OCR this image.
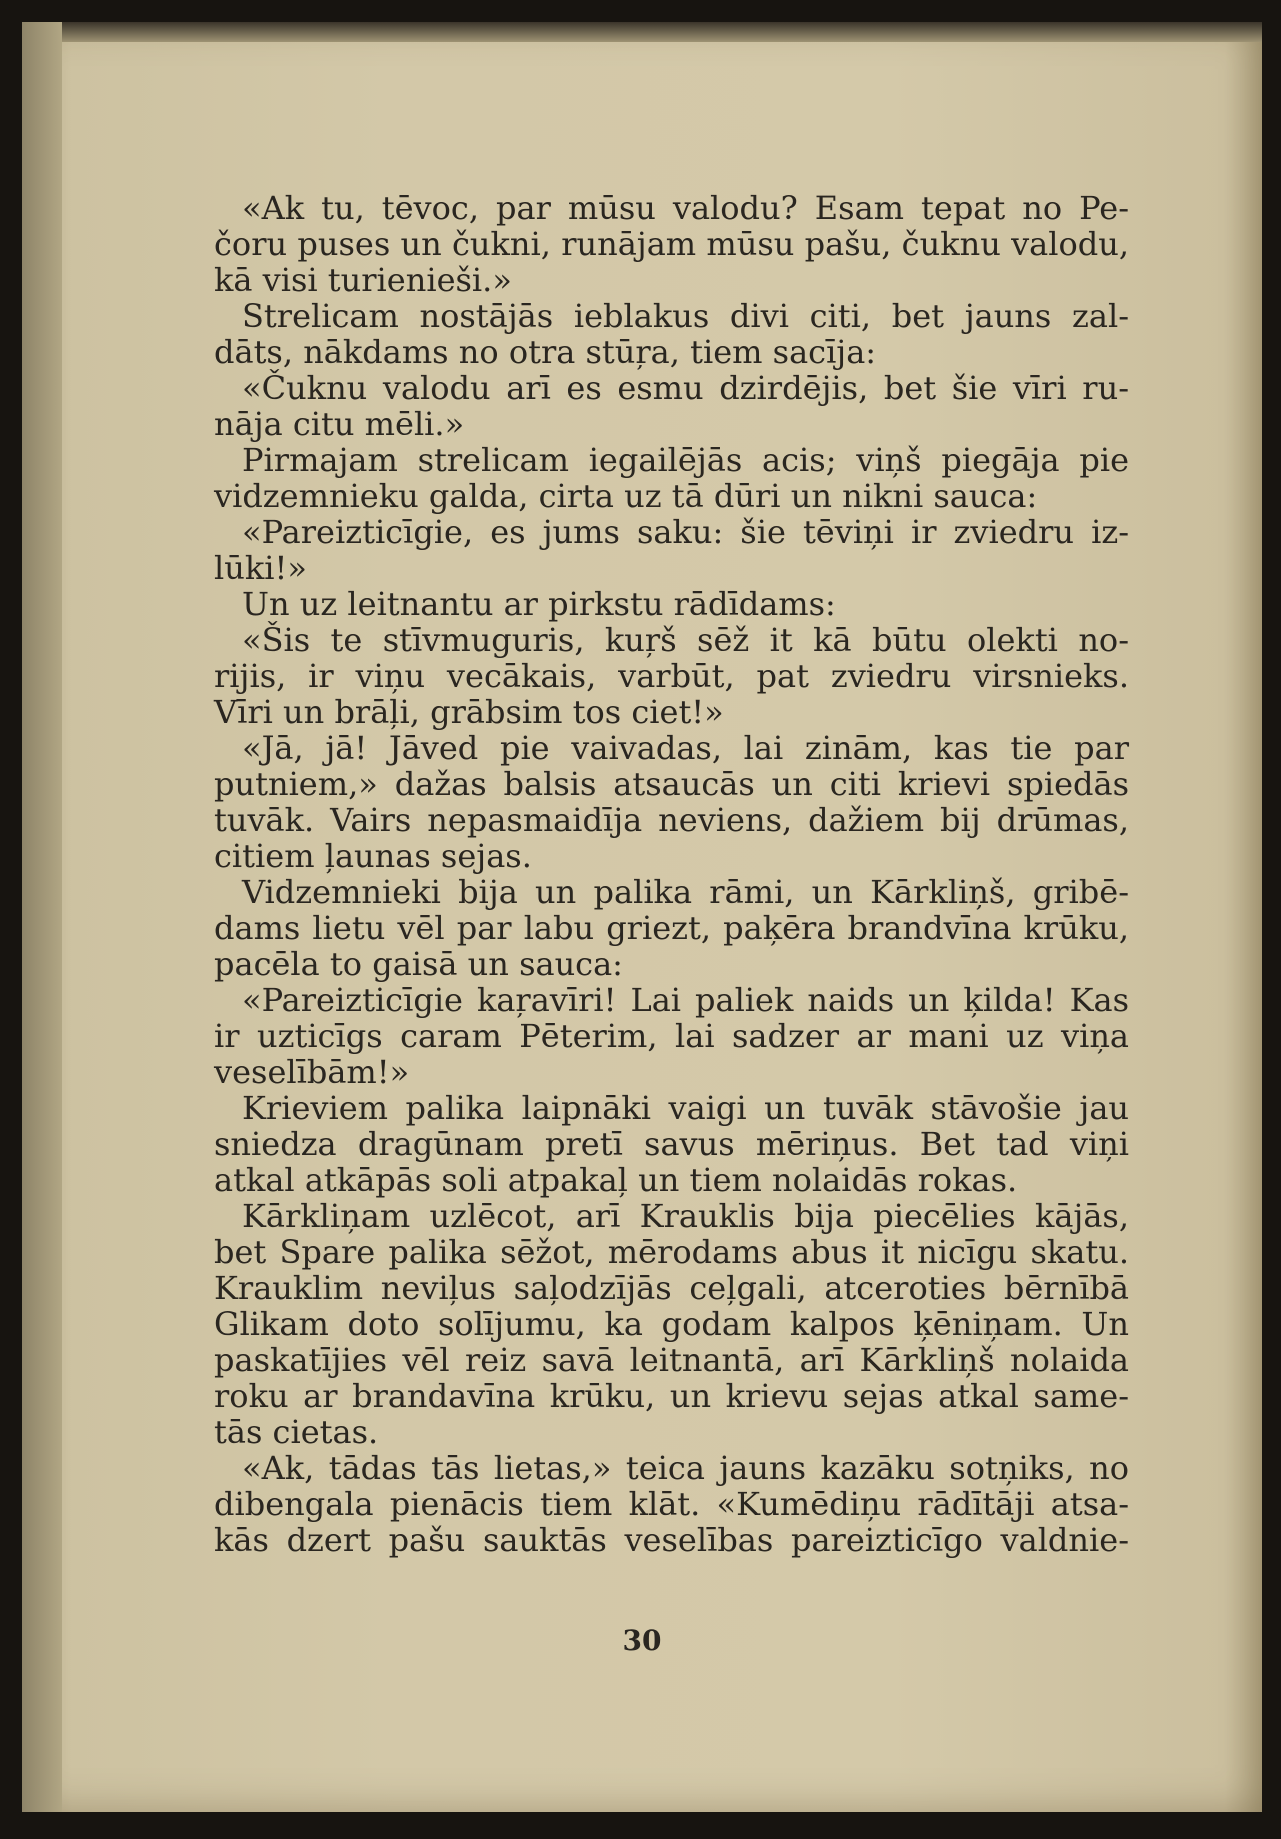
«Ak tu, tēvoc, par mūsu valodu? Esam tepat no Pe-
čoru puses un čukni, runājam mūsu pašu, čuknu valodu,
kā visi turienieši.»
Strelicam nostājās ieblakus divi citi, bet jauns zal-
dāts, nākdams no otra stūŗa, tiem sacīja:
«Čuknu valodu arī es esmu dzirdējis, bet šie vīri ru-
nāja citu mēli.»
Pirmajam strelicam iegailējās acis; viņš piegāja pie
vidzemnieku galda, cirta uz tā dūri un nikni sauca:
«Pareizticīgie, es jums saku: šie tēviņi ir zviedru iz-
lūki!»
Un uz leitnantu ar pirkstu rādīdams:
«Šis te stīvmuguris, kuŗš sēž it kā būtu olekti no-
rijis, ir viņu vecākais, varbūt, pat zviedru virsnieks.
Vīri un brāļi, grābsim tos ciet!»
«Jā, jā! Jāved pie vaivadas, lai zinām, kas tie par
putniem,» dažas balsis atsaucās un citi krievi spiedās
tuvāk. Vairs nepasmaidīja neviens, dažiem bij drūmas,
citiem ļaunas sejas.
Vidzemnieki bija un palika rāmi, un Kārkliņš, gribē-
dams lietu vēl par labu griezt, paķēra brandvīna krūku,
pacēla to gaisā un sauca:
«Pareizticīgie kaŗavīri! Lai paliek naids un ķilda! Kas
ir uzticīgs caram Pēterim, lai sadzer ar mani uz viņa
veselībām!»
Krieviem palika laipnāki vaigi un tuvāk stāvošie jau
sniedza dragūnam pretī savus mēriņus. Bet tad viņi
atkal atkāpās soli atpakaļ un tiem nolaidās rokas.
Kārkliņam uzlēcot, arī Krauklis bija piecēlies kājās,
bet Spare palika sēžot, mērodams abus it nicīgu skatu.
Krauklim neviļus saļodzījās ceļgali, atceroties bērnībā
Glikam doto solījumu, ka godam kalpos ķēniņam. Un
paskatījies vēl reiz savā leitnantā, arī Kārkliņš nolaida
roku ar brandavīna krūku, un krievu sejas atkal same-
tās cietas.
«Ak, tādas tās lietas,» teica jauns kazāku sotņiks, no
dibengala pienācis tiem klāt. «Kumēdiņu rādītāji atsa-
kās dzert pašu sauktās veselības pareizticīgo valdnie-
30
